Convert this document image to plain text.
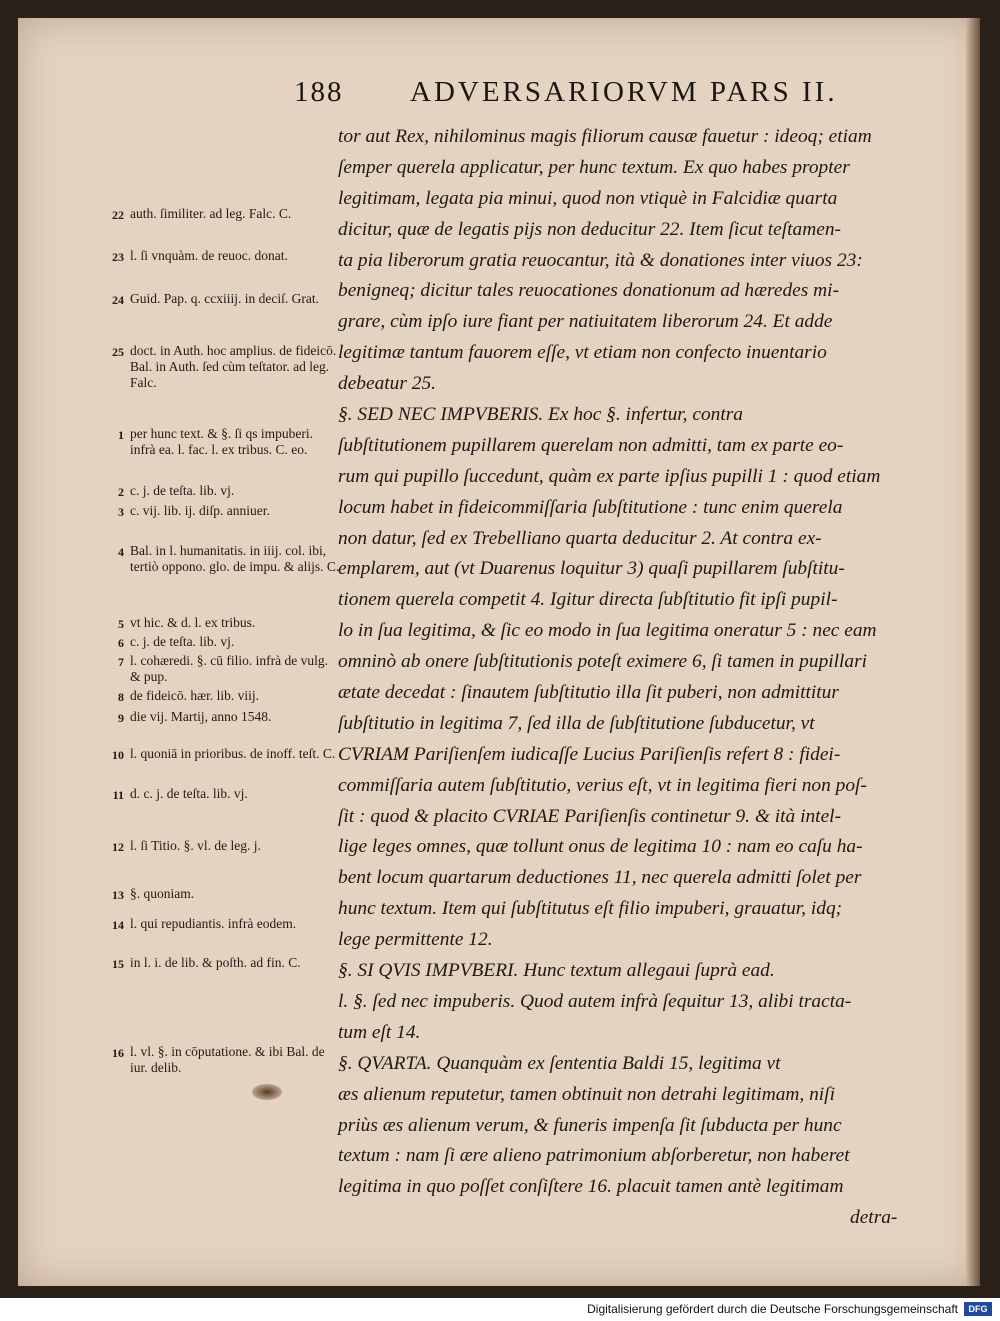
188 ADVERSARIORVM PARS II.
tor aut Rex, nihilominus magis filiorum causæ fauetur : ideoq; etiam
ſemper querela applicatur, per hunc textum. Ex quo habes propter
legitimam, legata pia minui, quod non vtiquè in Falcidiæ quarta
dicitur, quæ de legatis pijs non deducitur 22. Item ſicut teſtamen-
ta pia liberorum gratia reuocantur, ità & donationes inter viuos 23:
benigneq; dicitur tales reuocationes donationum ad hæredes mi-
grare, cùm ipſo iure fiant per natiuitatem liberorum 24. Et adde
legitimæ tantum fauorem eſſe, vt etiam non confecto inuentario
debeatur 25.
§. SED NEC IMPVBERIS. Ex hoc §. infertur, contra
ſubſtitutionem pupillarem querelam non admitti, tam ex parte eo-
rum qui pupillo ſuccedunt, quàm ex parte ipſius pupilli 1 : quod etiam
locum habet in fideicommiſſaria ſubſtitutione : tunc enim querela
non datur, ſed ex Trebelliano quarta deducitur 2. At contra ex-
emplarem, aut (vt Duarenus loquitur 3) quaſi pupillarem ſubſtitu-
tionem querela competit 4. Igitur directa ſubſtitutio fit ipſi pupil-
lo in ſua legitima, & ſic eo modo in ſua legitima oneratur 5 : nec eam
omninò ab onere ſubſtitutionis poteſt eximere 6, ſi tamen in pupillari
ætate decedat : ſinautem ſubſtitutio illa ſit puberi, non admittitur
ſubſtitutio in legitima 7, ſed illa de ſubſtitutione ſubducetur, vt
CVRIAM Pariſienſem iudicaſſe Lucius Pariſienſis refert 8 : fidei-
commiſſaria autem ſubſtitutio, verius eſt, vt in legitima fieri non poſ-
ſit : quod & placito CVRIAE Pariſienſis continetur 9. & ità intel-
lige leges omnes, quæ tollunt onus de legitima 10 : nam eo caſu ha-
bent locum quartarum deductiones 11, nec querela admitti ſolet per
hunc textum. Item qui ſubſtitutus eſt filio impuberi, grauatur, idq;
lege permittente 12.
§. SI QVIS IMPVBERI. Hunc textum allegaui ſuprà ead.
l. §. ſed nec impuberis. Quod autem infrà ſequitur 13, alibi tracta-
tum eſt 14.
§. QVARTA. Quanquàm ex ſententia Baldi 15, legitima vt
æs alienum reputetur, tamen obtinuit non detrahi legitimam, niſi
priùs æs alienum verum, & funeris impenſa ſit ſubducta per hunc
textum : nam ſi ære alieno patrimonium abſorberetur, non haberet
legitima in quo poſſet conſiſtere 16. placuit tamen antè legitimam
detra-
22 auth. ſimiliter. ad leg. Falc. C.
23 l. ſi vnquàm. de reuoc. donat.
24 Guid. Pap. q. ccxiiij. in deciſ. Grat.
25 doct. in Auth. hoc amplius. de fideicō. Bal. in Auth. ſed cùm teſtator. ad leg. Falc.
1 per hunc text. & §. ſi qs impuberi. infrà ea. l. fac. l. ex tribus. C. eo.
2 c. j. de teſta. lib. vj.
3 c. vij. lib. ij. diſp. anniuer.
4 Bal. in l. humanitatis. in iiij. col. ibi, tertiò oppono. glo. de impu. & alijs. C.
5 vt hic. & d. l. ex tribus.
6 c. j. de teſta. lib. vj.
7 l. cohæredi. §. cū filio. infrà de vulg. & pup.
8 de fideicō. hær. lib. viij.
9 die vij. Martij, anno 1548.
10 l. quoniā in prioribus. de inoff. teſt. C.
11 d. c. j. de teſta. lib. vj.
12 l. ſi Titio. §. vl. de leg. j.
13 §. quoniam.
14 l. qui repudiantis. infrà eodem.
15 in l. i. de lib. & poſth. ad fin. C.
16 l. vl. §. in cōputatione. & ibi Bal. de iur. delib.
Digitalisierung gefördert durch die Deutsche Forschungsgemeinschaft	DFG
